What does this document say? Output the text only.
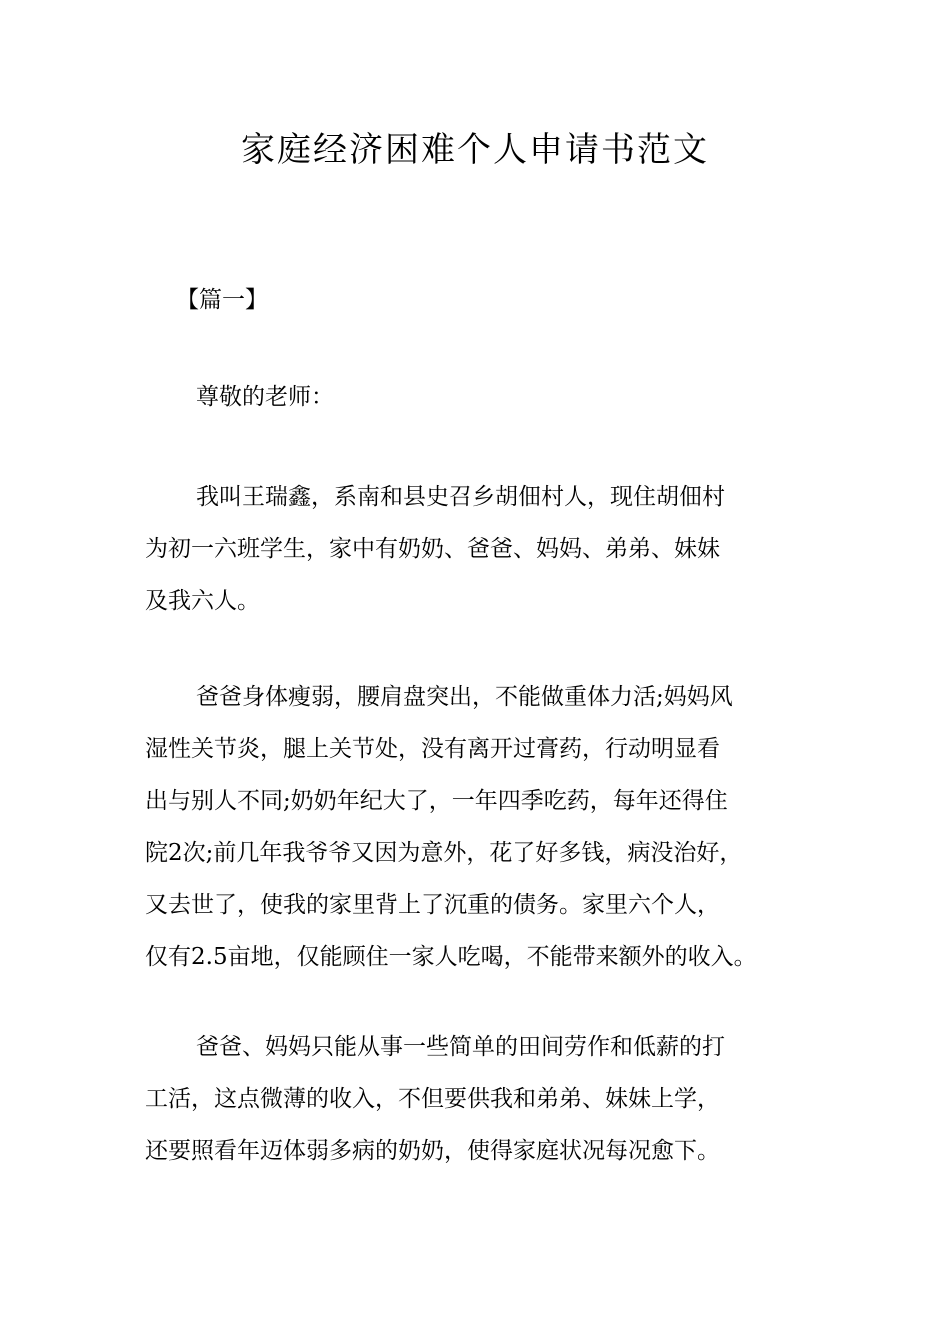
家庭经济困难个人申请书范文

【篇一】

尊敬的老师：

我叫王瑞鑫，系南和县史召乡胡佃村人，现住胡佃村
为初一六班学生，家中有奶奶、爸爸、妈妈、弟弟、妹妹
及我六人。
爸爸身体瘦弱，腰肩盘突出，不能做重体力活;妈妈风
湿性关节炎，腿上关节处，没有离开过膏药，行动明显看
出与别人不同;奶奶年纪大了，一年四季吃药，每年还得住
院2次;前几年我爷爷又因为意外，花了好多钱，病没治好，
又去世了，使我的家里背上了沉重的债务。家里六个人，
仅有2.5亩地，仅能顾住一家人吃喝，不能带来额外的收入。
爸爸、妈妈只能从事一些简单的田间劳作和低薪的打
工活，这点微薄的收入，不但要供我和弟弟、妹妹上学，
还要照看年迈体弱多病的奶奶，使得家庭状况每况愈下。
